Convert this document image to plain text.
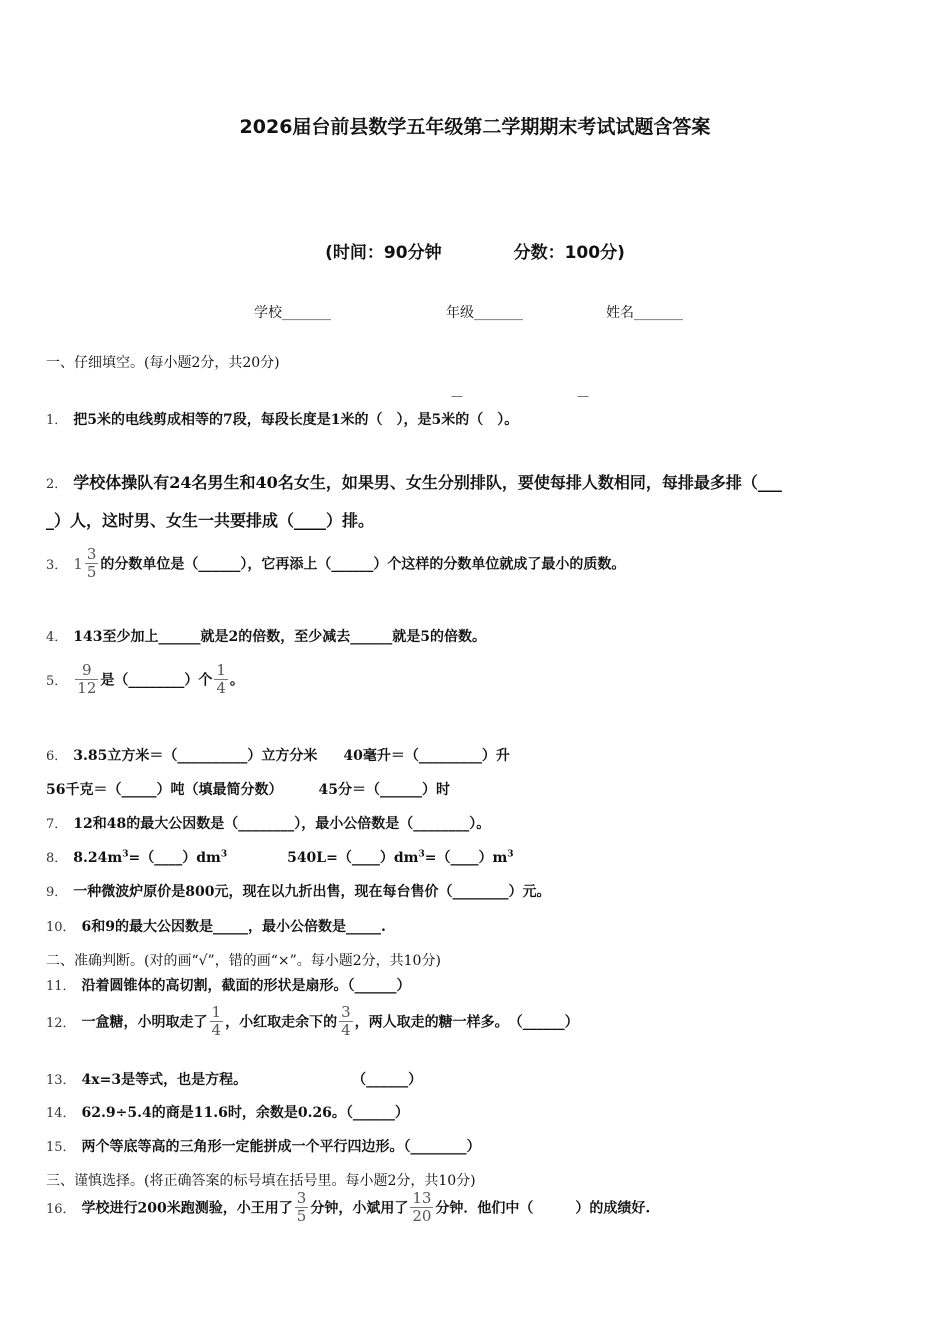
2026届台前县数学五年级第二学期期末考试试题含答案
(时间：90分钟	分数：100分)
学校_______	年级_______	姓名_______
一、仔细填空。(每小题2分，共20分)
—	—
1． 把5米的电线剪成相等的7段，每段长度是1米的（　），是5米的（　）。
2． 学校体操队有24名男生和40名女生，如果男、女生分别排队，要使每排人数相同，每排最多排（___
_）人，这时男、女生一共要排成（____）排。
3． $1 \frac{3}{5}$ 的分数单位是（______），它再添上（______）个这样的分数单位就成了最小的质数。
4． 143至少加上______就是2的倍数，至少减去______就是5的倍数。
5． $\frac{9}{12}$ 是（________）个 $\frac{1}{4}$ 。
6． 3.85立方米＝（__________）立方分米 40毫升＝（_________）升
56千克＝（_____）吨（填最简分数）	45分＝（______）时
7． 12和48的最大公因数是（________），最小公倍数是（________）。
8． $8.24m^3=(\_\_\_\_)dm^3$	$540L=(\_\_\_\_)dm^3=(\_\_\_\_)m^3$
9． 一种微波炉原价是800元，现在以九折出售，现在每台售价（________）元。
10． 6和9的最大公因数是_____，最小公倍数是_____.
二、准确判断。(对的画“√”，错的画“×”。每小题2分，共10分)
11． 沿着圆锥体的高切割，截面的形状是扇形。（______）
12． 一盒糖，小明取走了 $\frac{1}{4}$ ，小红取走余下的 $\frac{3}{4}$ ，两人取走的糖一样多。　（______）
13． 4x=3是等式，也是方程。	（______）
14． 62.9÷5.4的商是11.6时，余数是0.26。（______）
15． 两个等底等高的三角形一定能拼成一个平行四边形。（________）
三、谨慎选择。(将正确答案的标号填在括号里。每小题2分，共10分)
16． 学校进行200米跑测验，小王用了 $\frac{3}{5}$ 分钟，小斌用了 $\frac{13}{20}$ 分钟．他们中（　　　）的成绩好.
